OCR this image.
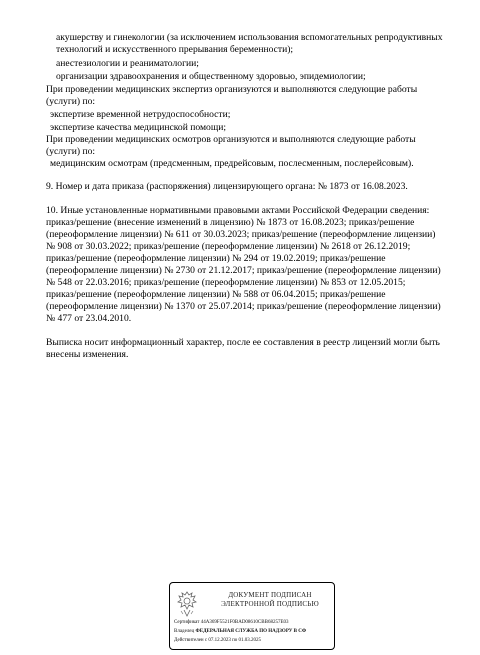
акушерству и гинекологии (за исключением использования вспомогательных репродуктивных
технологий и искусственного прерывания беременности);
анестезиологии и реаниматологии;
организации здравоохранения и общественному здоровью, эпидемиологии;
При проведении медицинских экспертиз организуются и выполняются следующие работы
(услуги) по:
экспертизе временной нетрудоспособности;
экспертизе качества медицинской помощи;
При проведении медицинских осмотров организуются и выполняются следующие работы
(услуги) по:
медицинским осмотрам (предсменным, предрейсовым, послесменным, послерейсовым).
9. Номер и дата приказа (распоряжения) лицензирующего органа: № 1873 от 16.08.2023.
10. Иные установленные нормативными правовыми актами Российской Федерации сведения:
приказ/решение (внесение изменений в лицензию) № 1873 от 16.08.2023; приказ/решение
(переоформление лицензии) № 611 от 30.03.2023; приказ/решение (переоформление лицензии)
№ 908 от 30.03.2022; приказ/решение (переоформление лицензии) № 2618 от 26.12.2019;
приказ/решение (переоформление лицензии) № 294 от 19.02.2019; приказ/решение
(переоформление лицензии) № 2730 от 21.12.2017; приказ/решение (переоформление лицензии)
№ 548 от 22.03.2016; приказ/решение (переоформление лицензии) № 853 от 12.05.2015;
приказ/решение (переоформление лицензии) № 588 от 06.04.2015; приказ/решение
(переоформление лицензии) № 1370 от 25.07.2014; приказ/решение (переоформление лицензии)
№ 477 от 23.04.2010.
Выписка носит информационный характер, после ее составления в реестр лицензий могли быть
внесены изменения.
ДОКУМЕНТ ПОДПИСАН
ЭЛЕКТРОННОЙ ПОДПИСЬЮ
Сертификат 44A369F5521F0BAD08610CBB68257E03
Владелец ФЕДЕРАЛЬНАЯ СЛУЖБА ПО НАДЗОРУ В СФ
Действителен с 07.12.2023 по 01.03.2025
